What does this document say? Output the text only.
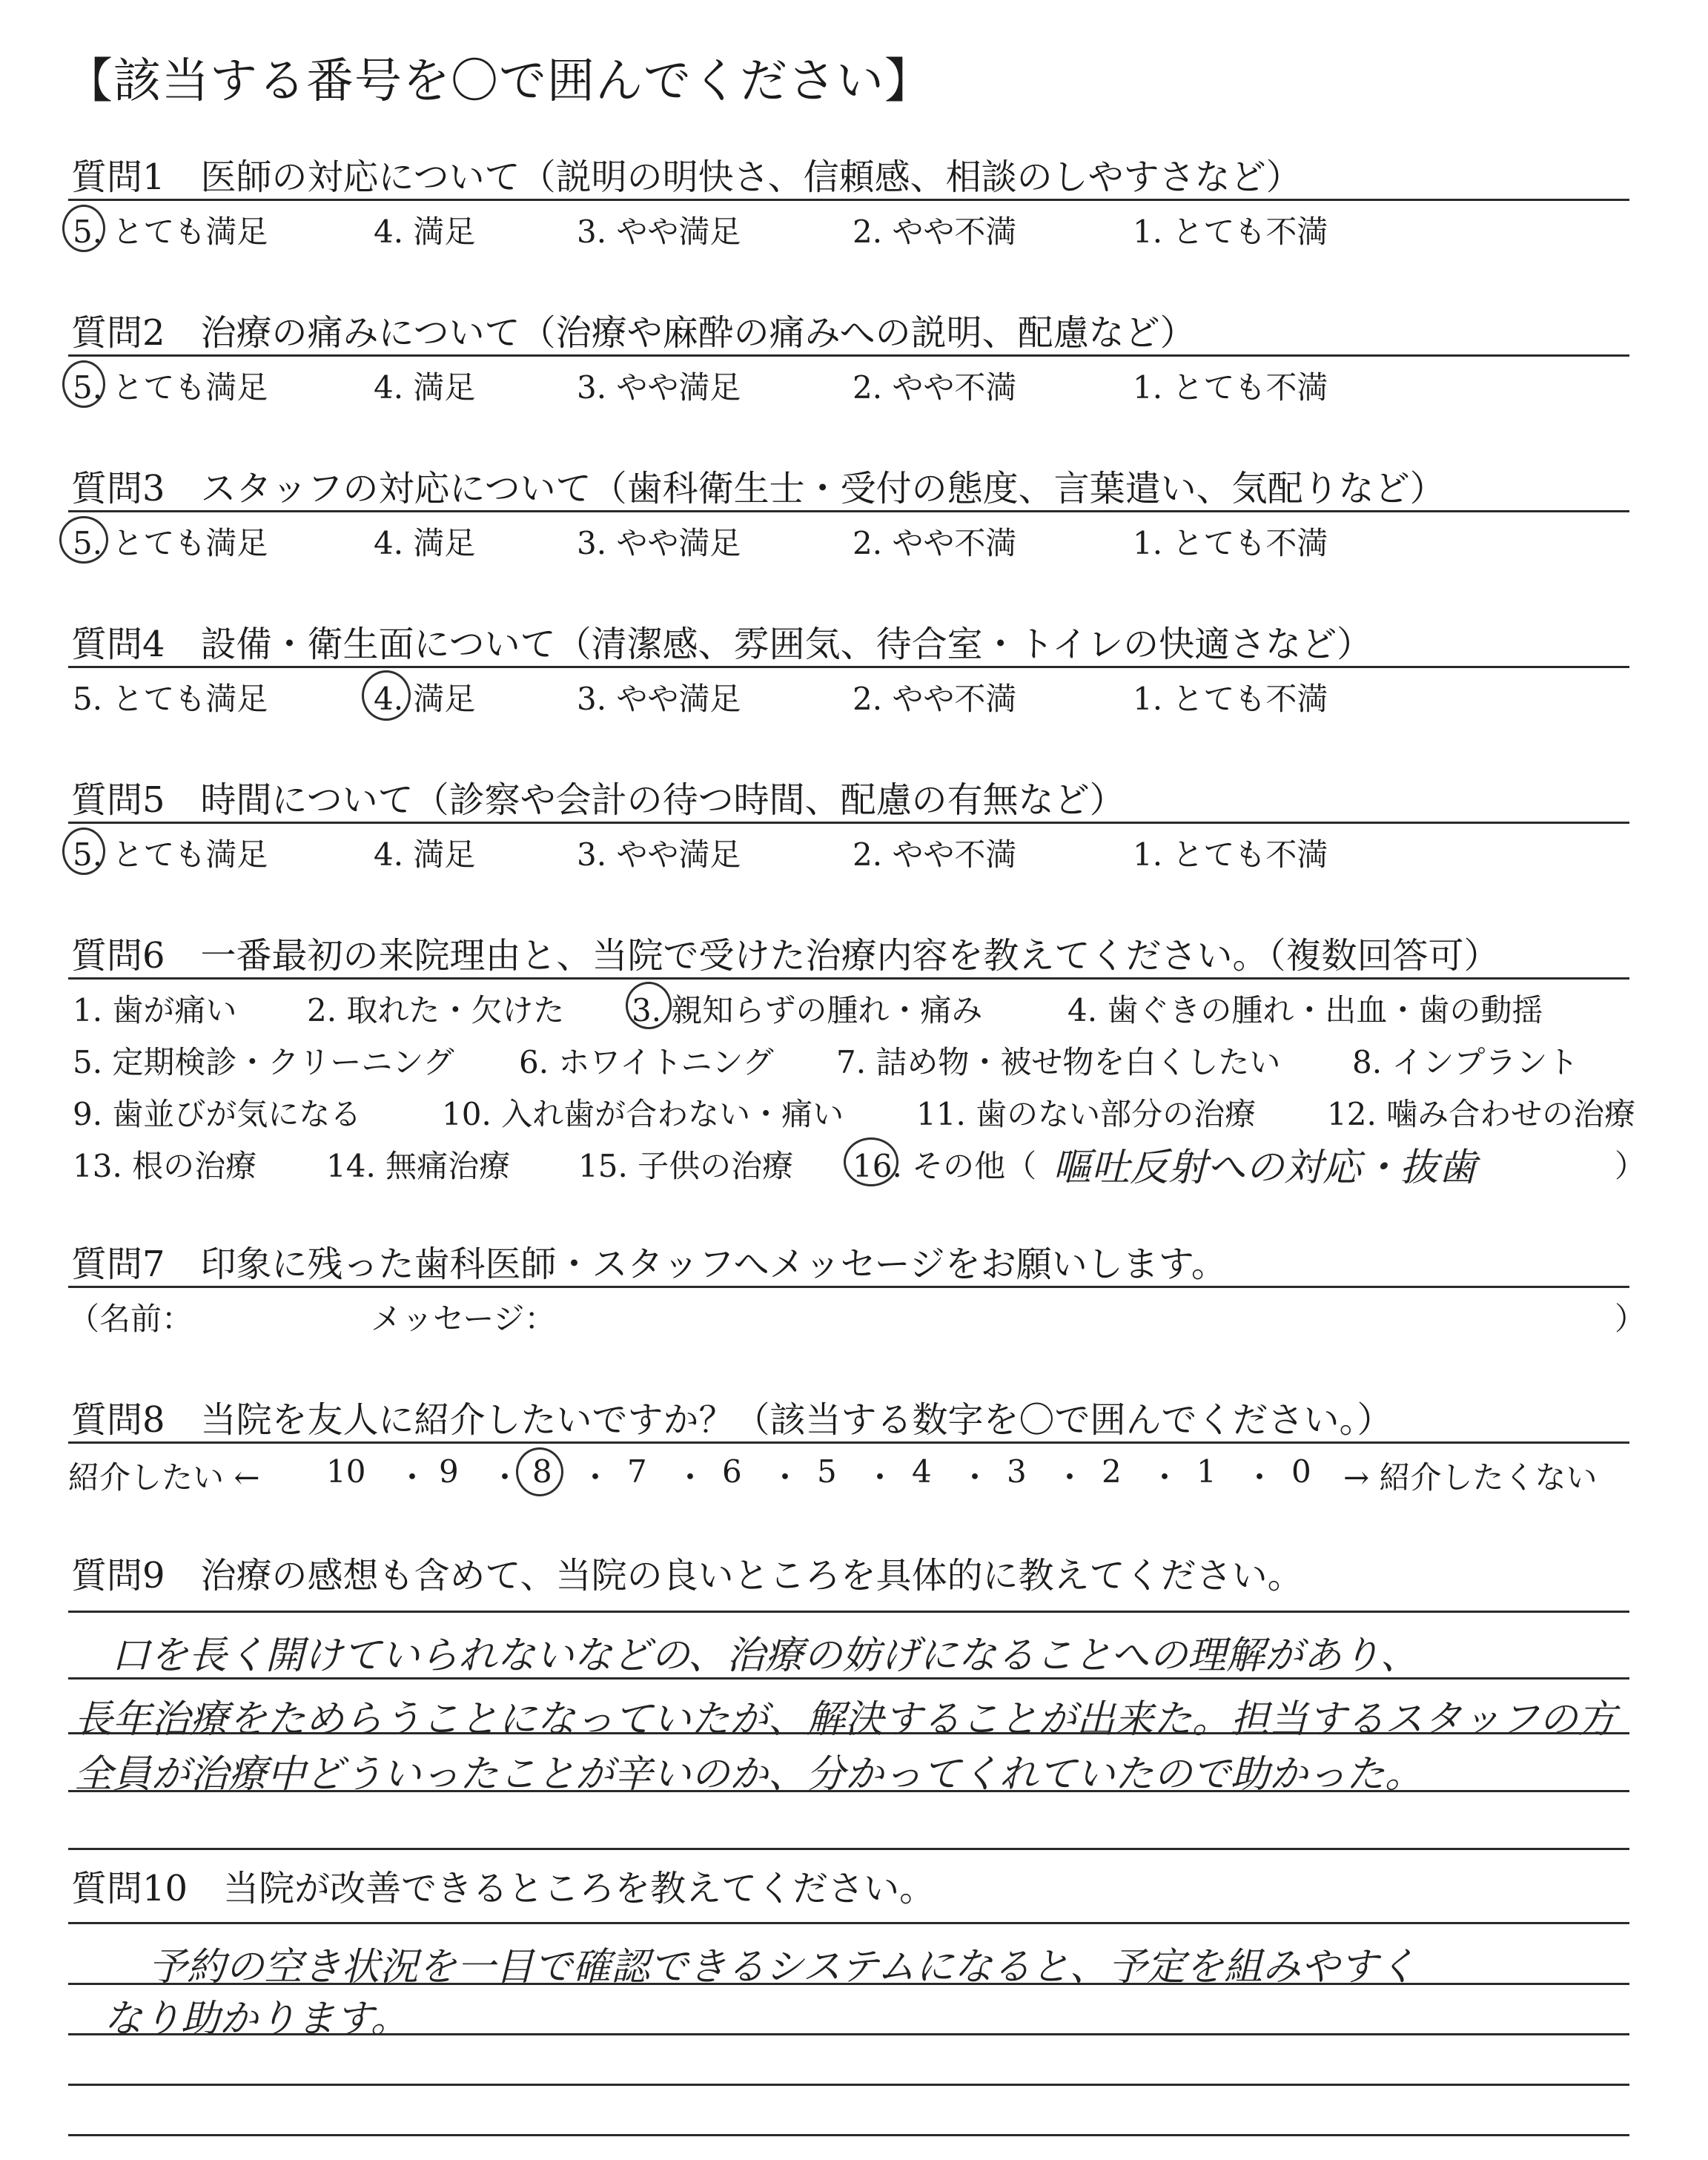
【該当する番号を〇で囲んでください】
質問1　医師の対応について（説明の明快さ、信頼感、相談のしやすさなど）
5. とても満足	4. 満足	3. やや満足	2. やや不満	1. とても不満
質問2　治療の痛みについて（治療や麻酔の痛みへの説明、配慮など）
5. とても満足	4. 満足	3. やや満足	2. やや不満	1. とても不満
質問3　スタッフの対応について（歯科衛生士・受付の態度、言葉遣い、気配りなど）
5. とても満足	4. 満足	3. やや満足	2. やや不満	1. とても不満
質問4　設備・衛生面について（清潔感、雰囲気、待合室・トイレの快適さなど）
5. とても満足	4. 満足	3. やや満足	2. やや不満	1. とても不満
質問5　時間について（診察や会計の待つ時間、配慮の有無など）
5. とても満足	4. 満足	3. やや満足	2. やや不満	1. とても不満
質問6　一番最初の来院理由と、当院で受けた治療内容を教えてください。（複数回答可）
1. 歯が痛い 2. 取れた・欠けた 3. 親知らずの腫れ・痛み	4. 歯ぐきの腫れ・出血・歯の動揺
5. 定期検診・クリーニング 6. ホワイトニング 7. 詰め物・被せ物を白くしたい 8. インプラント
9. 歯並びが気になる	10. 入れ歯が合わない・痛い 11. 歯のない部分の治療 12. 噛み合わせの治療
13. 根の治療 14. 無痛治療 15. 子供の治療 16. その他（ 嘔吐反射への対応・抜歯	）
質問7　印象に残った歯科医師・スタッフへメッセージをお願いします。
（名前：	メッセージ：	）
質問8　当院を友人に紹介したいですか？（該当する数字を〇で囲んでください。）
紹介したい ← 10 ・ 9 ・ 8 ・ 7 ・ 6 ・ 5 ・ 4 ・ 3 ・ 2 ・ 1 ・ 0 → 紹介したくない
質問9　治療の感想も含めて、当院の良いところを具体的に教えてください。
口を長く開けていられないなどの、治療の妨げになることへの理解があり、
長年治療をためらうことになっていたが、解決することが出来た。担当するスタッフの方
全員が治療中どういったことが辛いのか、分かってくれていたので助かった。
質問10　当院が改善できるところを教えてください。
予約の空き状況を一目で確認できるシステムになると、予定を組みやすく
なり助かります。
